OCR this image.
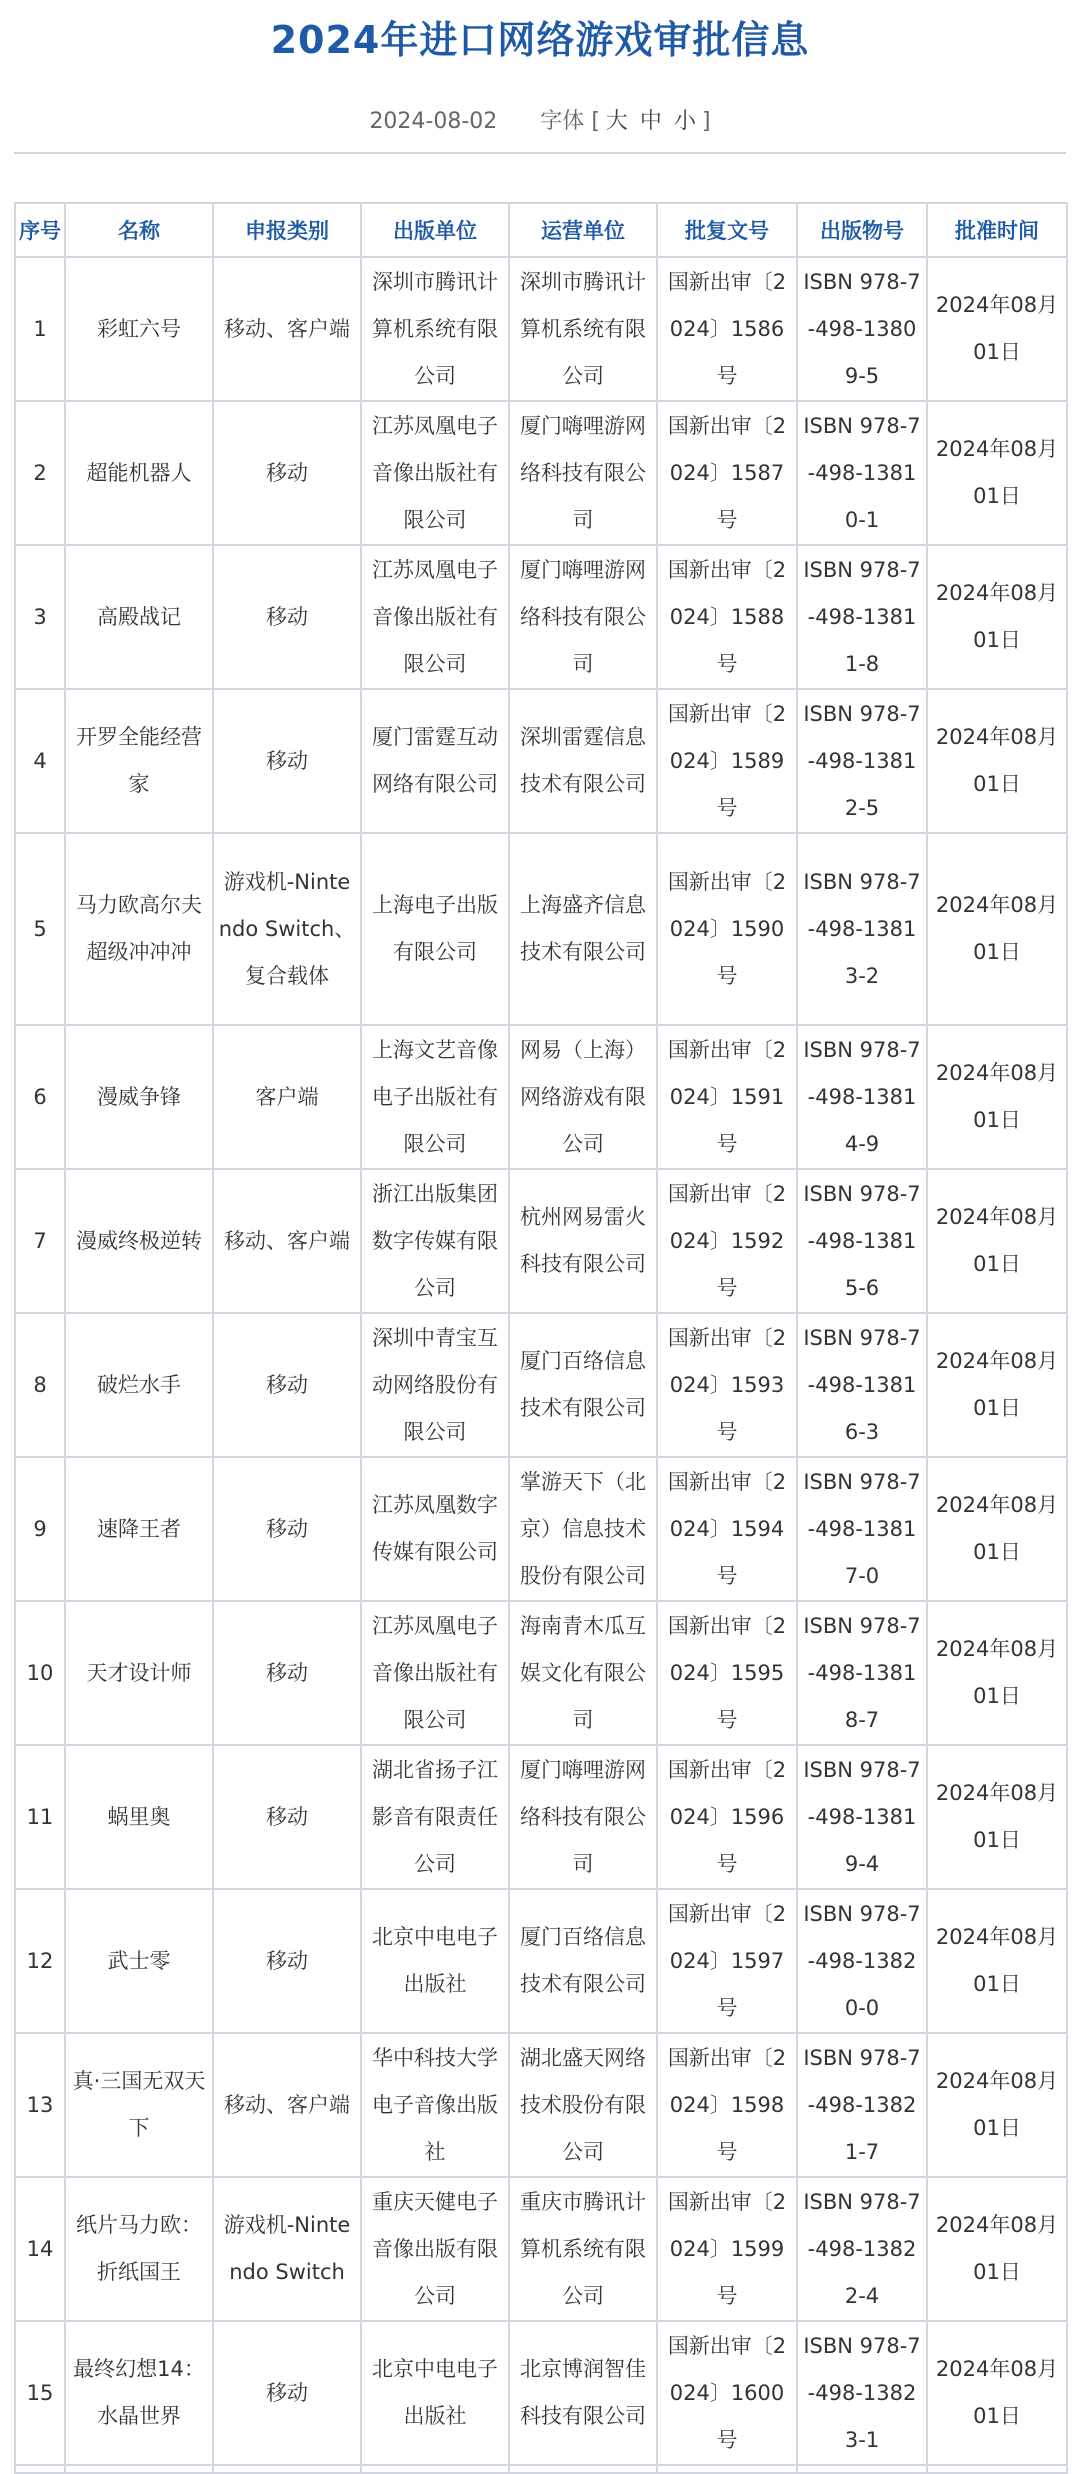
2024年进口网络游戏审批信息
2024-08-02 字体 [ 大 中 小 ]
序号	名称	申报类别	出版单位	运营单位	批复文号	出版物号	批准时间
1	彩虹六号	移动、客户端	深圳市腾讯计算机系统有限公司	深圳市腾讯计算机系统有限公司	国新出审〔2024〕1586号	ISBN 978-7-498-13809-5	2024年08月01日
2	超能机器人	移动	江苏凤凰电子音像出版社有限公司	厦门嗨哩游网络科技有限公司	国新出审〔2024〕1587号	ISBN 978-7-498-13810-1	2024年08月01日
3	高殿战记	移动	江苏凤凰电子音像出版社有限公司	厦门嗨哩游网络科技有限公司	国新出审〔2024〕1588号	ISBN 978-7-498-13811-8	2024年08月01日
4	开罗全能经营家	移动	厦门雷霆互动网络有限公司	深圳雷霆信息技术有限公司	国新出审〔2024〕1589号	ISBN 978-7-498-13812-5	2024年08月01日
5	马力欧高尔夫超级冲冲冲	游戏机-Nintendo Switch、复合载体	上海电子出版有限公司	上海盛齐信息技术有限公司	国新出审〔2024〕1590号	ISBN 978-7-498-13813-2	2024年08月01日
6	漫威争锋	客户端	上海文艺音像电子出版社有限公司	网易（上海）网络游戏有限公司	国新出审〔2024〕1591号	ISBN 978-7-498-13814-9	2024年08月01日
7	漫威终极逆转	移动、客户端	浙江出版集团数字传媒有限公司	杭州网易雷火科技有限公司	国新出审〔2024〕1592号	ISBN 978-7-498-13815-6	2024年08月01日
8	破烂水手	移动	深圳中青宝互动网络股份有限公司	厦门百络信息技术有限公司	国新出审〔2024〕1593号	ISBN 978-7-498-13816-3	2024年08月01日
9	速降王者	移动	江苏凤凰数字传媒有限公司	掌游天下（北京）信息技术股份有限公司	国新出审〔2024〕1594号	ISBN 978-7-498-13817-0	2024年08月01日
10	天才设计师	移动	江苏凤凰电子音像出版社有限公司	海南青木瓜互娱文化有限公司	国新出审〔2024〕1595号	ISBN 978-7-498-13818-7	2024年08月01日
11	蜗里奥	移动	湖北省扬子江影音有限责任公司	厦门嗨哩游网络科技有限公司	国新出审〔2024〕1596号	ISBN 978-7-498-13819-4	2024年08月01日
12	武士零	移动	北京中电电子出版社	厦门百络信息技术有限公司	国新出审〔2024〕1597号	ISBN 978-7-498-13820-0	2024年08月01日
13	真·三国无双天下	移动、客户端	华中科技大学电子音像出版社	湖北盛天网络技术股份有限公司	国新出审〔2024〕1598号	ISBN 978-7-498-13821-7	2024年08月01日
14	纸片马力欧：折纸国王	游戏机-Nintendo Switch	重庆天健电子音像出版有限公司	重庆市腾讯计算机系统有限公司	国新出审〔2024〕1599号	ISBN 978-7-498-13822-4	2024年08月01日
15	最终幻想14：水晶世界	移动	北京中电电子出版社	北京博润智佳科技有限公司	国新出审〔2024〕1600号	ISBN 978-7-498-13823-1	2024年08月01日
